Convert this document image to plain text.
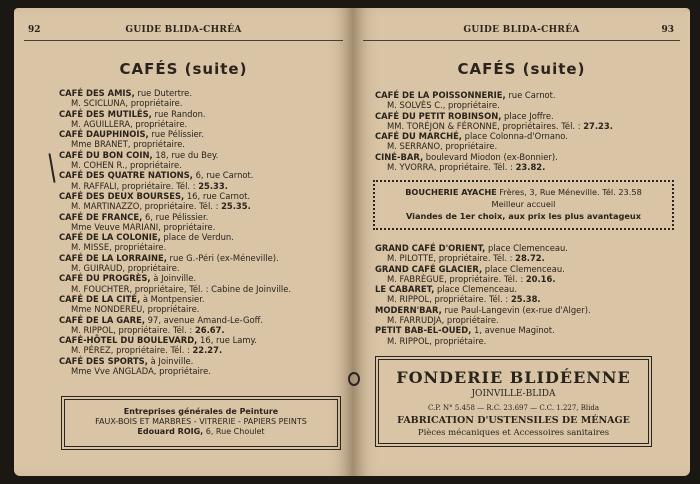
92	GUIDE BLIDA-CHRÉA
CAFÉS (suite)
CAFÉ DES AMIS, rue Dutertre.
M. SCICLUNA, propriétaire.
CAFÉ DES MUTILÉS, rue Randon.
M. AGUILLERA, propriétaire.
CAFÉ DAUPHINOIS, rue Pélissier.
Mme BRANET, propriétaire.
CAFÉ DU BON COIN, 18, rue du Bey.
M. COHEN R., propriétaire.
CAFÉ DES QUATRE NATIONS, 6, rue Carnot.
M. RAFFALI, propriétaire. Tél. : 25.33.
CAFÉ DES DEUX BOURSES, 16, rue Carnot.
M. MARTINAZZO, propriétaire. Tél. : 25.35.
CAFÉ DE FRANCE, 6, rue Pélissier.
Mme Veuve MARIANI, propriétaire.
CAFÉ DE LA COLONIE, place de Verdun.
M. MISSE, propriétaire.
CAFÉ DE LA LORRAINE, rue G.-Péri (ex-Méneville).
M. GUIRAUD, propriétaire.
CAFÉ DU PROGRÈS, à Joinville.
M. FOUCHTER, propriétaire, Tél. : Cabine de Joinville.
CAFÉ DE LA CITÉ, à Montpensier.
Mme NONDEREU, propriétaire.
CAFÉ DE LA GARE, 97, avenue Amand-Le-Goff.
M. RIPPOL, propriétaire. Tél. : 26.67.
CAFÉ-HÔTEL DU BOULEVARD, 16, rue Lamy.
M. PÉREZ, propriétaire. Tél. : 22.27.
CAFÉ DES SPORTS, à Joinville.
Mme Vve ANGLADA, propriétaire.
Entreprises générales de Peinture
FAUX-BOIS ET MARBRES - VITRERIE - PAPIERS PEINTS
Edouard ROIG, 6, Rue Choulet
GUIDE BLIDA-CHRÉA	93
CAFÉS (suite)
CAFÉ DE LA POISSONNERIE, rue Carnot.
M. SOLVÈS C., propriétaire.
CAFÉ DU PETIT ROBINSON, place Joffre.
MM. TORÉJON & FÉRONNE, propriétaires. Tél. : 27.23.
CAFÉ DU MARCHÉ, place Colonna-d'Ornano.
M. SERRANO, propriétaire.
CINÉ-BAR, boulevard Miodon (ex-Bonnier).
M. YVORRA, propriétaire. Tél. : 23.82.
BOUCHERIE AYACHE Frères, 3, Rue Méneville. Tél. 23.58
Meilleur accueil
Viandes de 1er choix, aux prix les plus avantageux
GRAND CAFÉ D'ORIENT, place Clemenceau.
M. PILOTTE, propriétaire. Tél. : 28.72.
GRAND CAFÉ GLACIER, place Clemenceau.
M. FABRÈGUE, propriétaire. Tél. : 20.16.
LE CABARET, place Clemenceau.
M. RIPPOL, propriétaire. Tél. : 25.38.
MODERN'BAR, rue Paul-Langevin (ex-rue d'Alger).
M. FARRUDJA, propriétaire.
PETIT BAB-EL-OUED, 1, avenue Maginot.
M. RIPPOL, propriétaire.
FONDERIE BLIDÉENNE
JOINVILLE-BLIDA
C.P. N° 5.458 — R.C. 23.697 — C.C. 1.227, Blida
FABRICATION D'USTENSILES DE MÉNAGE
Pièces mécaniques et Accessoires sanitaires
